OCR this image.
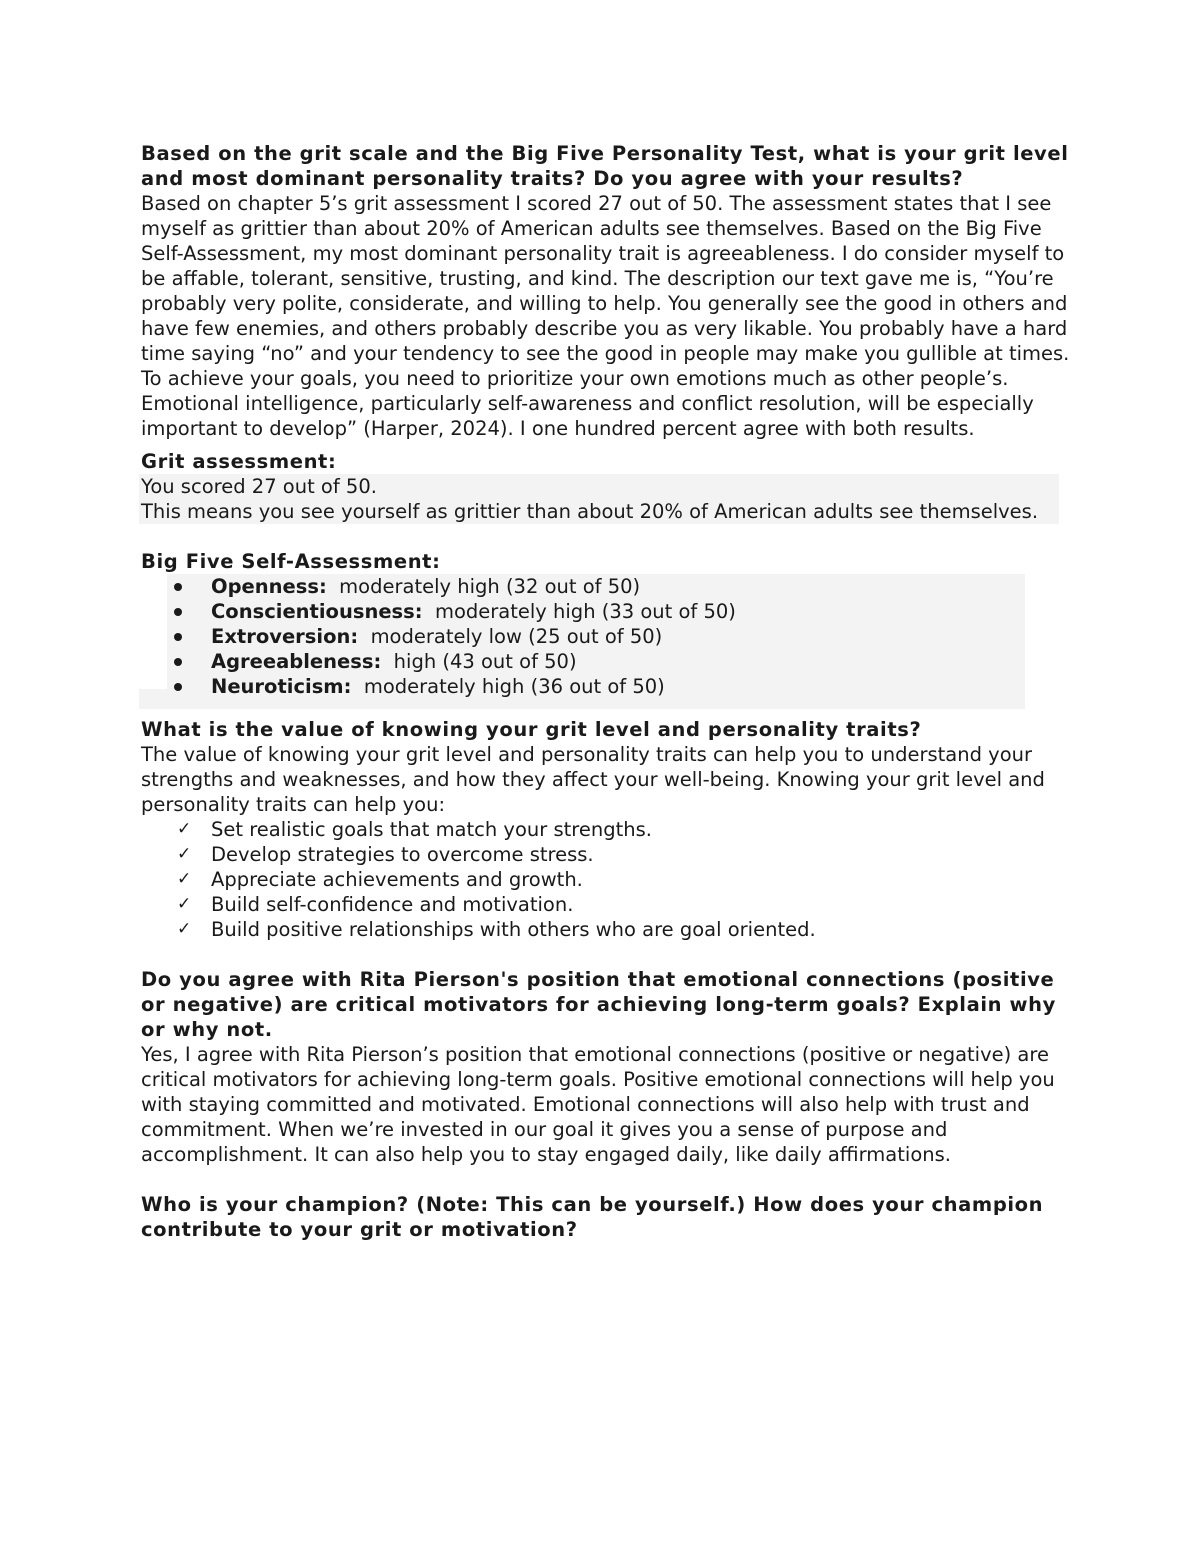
Based on the grit scale and the Big Five Personality Test, what is your grit level and most dominant personality traits? Do you agree with your results?

Based on chapter 5’s grit assessment I scored 27 out of 50. The assessment states that I see myself as grittier than about 20% of American adults see themselves. Based on the Big Five Self-Assessment, my most dominant personality trait is agreeableness. I do consider myself to be affable, tolerant, sensitive, trusting, and kind. The description our text gave me is, “You’re probably very polite, considerate, and willing to help. You generally see the good in others and have few enemies, and others probably describe you as very likable. You probably have a hard time saying “no” and your tendency to see the good in people may make you gullible at times. To achieve your goals, you need to prioritize your own emotions much as other people’s. Emotional intelligence, particularly self-awareness and conflict resolution, will be especially important to develop” (Harper, 2024). I one hundred percent agree with both results.

Grit assessment:

You scored 27 out of 50.

This means you see yourself as grittier than about 20% of American adults see themselves.

Big Five Self-Assessment:

Openness: moderately high (32 out of 50)
Conscientiousness: moderately high (33 out of 50)
Extroversion: moderately low (25 out of 50)
Agreeableness: high (43 out of 50)
Neuroticism: moderately high (36 out of 50)

What is the value of knowing your grit level and personality traits?

The value of knowing your grit level and personality traits can help you to understand your strengths and weaknesses, and how they affect your well-being. Knowing your grit level and personality traits can help you:

✓ Set realistic goals that match your strengths.
✓ Develop strategies to overcome stress.
✓ Appreciate achievements and growth.
✓ Build self-confidence and motivation.
✓ Build positive relationships with others who are goal oriented.

Do you agree with Rita Pierson's position that emotional connections (positive or negative) are critical motivators for achieving long-term goals? Explain why or why not.

Yes, I agree with Rita Pierson’s position that emotional connections (positive or negative) are critical motivators for achieving long-term goals. Positive emotional connections will help you with staying committed and motivated. Emotional connections will also help with trust and commitment. When we’re invested in our goal it gives you a sense of purpose and accomplishment. It can also help you to stay engaged daily, like daily affirmations.

Who is your champion? (Note: This can be yourself.) How does your champion contribute to your grit or motivation?
